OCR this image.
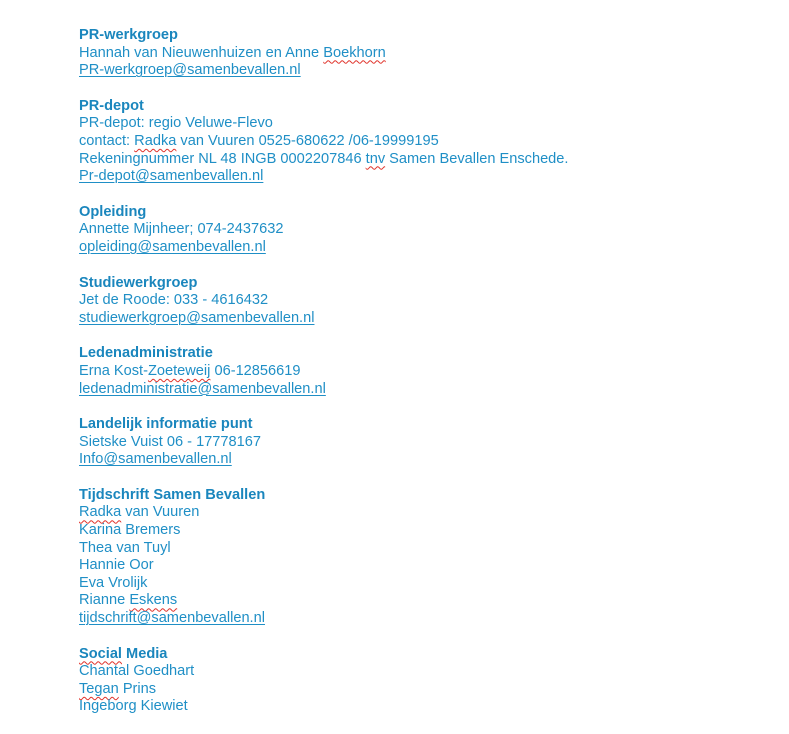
PR-werkgroep
Hannah van Nieuwenhuizen en Anne Boekhorn
PR-werkgroep@samenbevallen.nl
PR-depot
PR-depot: regio Veluwe-Flevo
contact: Radka van Vuuren 0525-680622 /06-19999195
Rekeningnummer NL 48 INGB 0002207846 tnv Samen Bevallen Enschede.
Pr-depot@samenbevallen.nl
Opleiding
Annette Mijnheer; 074-2437632
opleiding@samenbevallen.nl
Studiewerkgroep
Jet de Roode: 033 - 4616432
studiewerkgroep@samenbevallen.nl
Ledenadministratie
Erna Kost-Zoeteweij 06-12856619
ledenadministratie@samenbevallen.nl
Landelijk informatie punt
Sietske Vuist 06 - 17778167
Info@samenbevallen.nl
Tijdschrift Samen Bevallen
Radka van Vuuren
Karina Bremers
Thea van Tuyl
Hannie Oor
Eva Vrolijk
Rianne Eskens
tijdschrift@samenbevallen.nl
Social Media
Chantal Goedhart
Tegan Prins
Ingeborg Kiewiet
